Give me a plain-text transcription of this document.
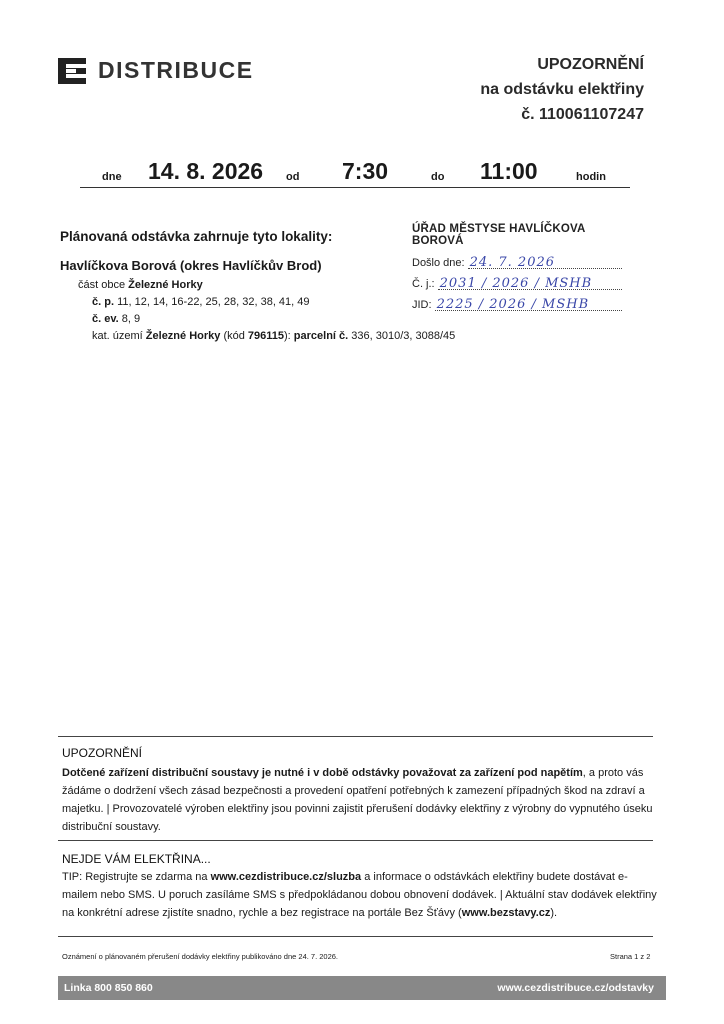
DISTRIBUCE	UPOZORNĚNÍ
na odstávku elektřiny
č. 110061107247
dne 14. 8. 2026 od 7:30	do 11:00	hodin
Plánovaná odstávka zahrnuje tyto lokality:
Havlíčkova Borová (okres Havlíčkův Brod)
část obce Železné Horky
č. p. 11, 12, 14, 16-22, 25, 28, 32, 38, 41, 49
č. ev. 8, 9
kat. území Železné Horky (kód 796115): parcelní č. 336, 3010/3, 3088/45
ÚŘAD MĚSTYSE HAVLÍČKOVA BOROVÁ
Došlo dne: 24. 7. 2026
Č. j.: 2031 / 2026 / MSHB
JID: 2225 / 2026 / MSHB
UPOZORNĚNÍ
Dotčené zařízení distribuční soustavy je nutné i v době odstávky považovat za zařízení pod napětím, a proto vás žádáme o dodržení všech zásad bezpečnosti a provedení opatření potřebných k zamezení případných škod na zdraví a majetku. | Provozovatelé výroben elektřiny jsou povinni zajistit přerušení dodávky elektřiny z výrobny do vypnutého úseku distribuční soustavy.
NEJDE VÁM ELEKTŘINA...
TIP: Registrujte se zdarma na www.cezdistribuce.cz/sluzba a informace o odstávkách elektřiny budete dostávat e-mailem nebo SMS. U poruch zasíláme SMS s předpokládanou dobou obnovení dodávek. | Aktuální stav dodávek elektřiny na konkrétní adrese zjistíte snadno, rychle a bez registrace na portále Bez Šťávy (www.bezstavy.cz).
Oznámení o plánovaném přerušení dodávky elektřiny publikováno dne 24. 7. 2026.	Strana 1 z 2
Linka 800 850 860	www.cezdistribuce.cz/odstavky
